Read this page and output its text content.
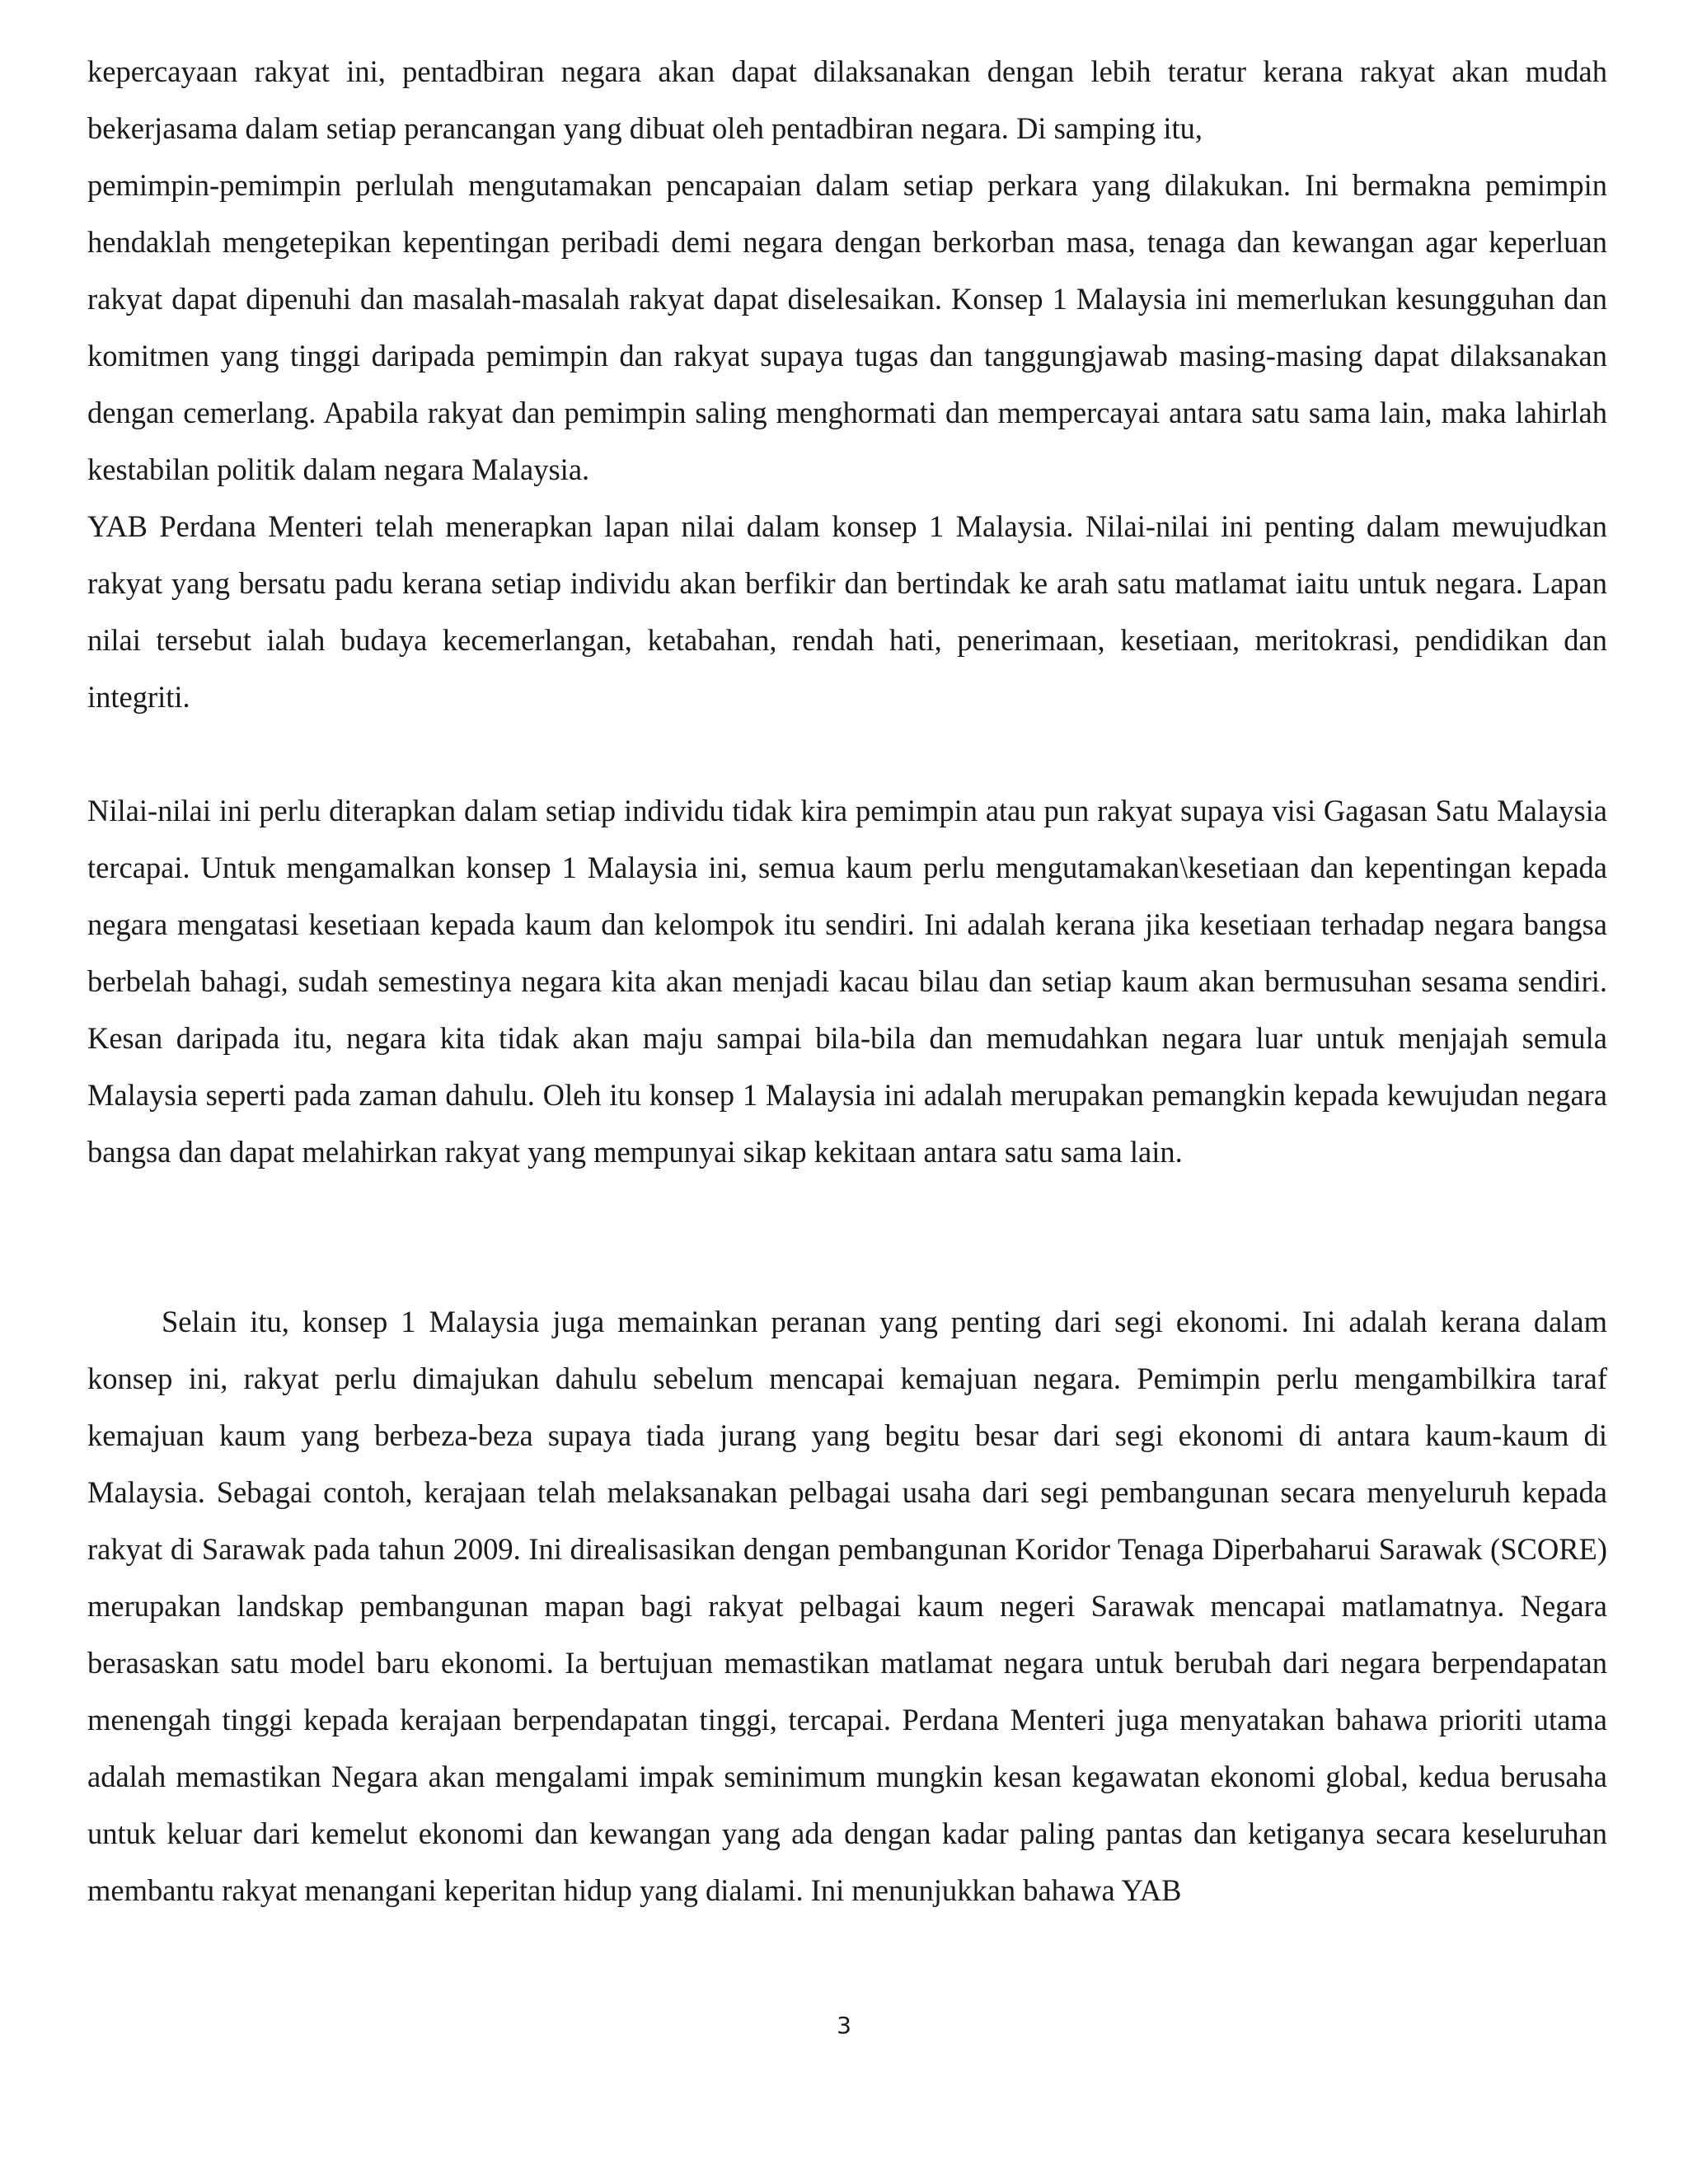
kepercayaan rakyat ini, pentadbiran negara akan dapat dilaksanakan dengan lebih teratur kerana rakyat akan mudah bekerjasama dalam setiap perancangan yang dibuat oleh pentadbiran negara. Di samping itu,

pemimpin-pemimpin perlulah mengutamakan pencapaian dalam setiap perkara yang dilakukan. Ini bermakna pemimpin hendaklah mengetepikan kepentingan peribadi demi negara dengan berkorban masa, tenaga dan kewangan agar keperluan rakyat dapat dipenuhi dan masalah-masalah rakyat dapat diselesaikan. Konsep 1 Malaysia ini memerlukan kesungguhan dan komitmen yang tinggi daripada pemimpin dan rakyat supaya tugas dan tanggungjawab masing-masing dapat dilaksanakan dengan cemerlang. Apabila rakyat dan pemimpin saling menghormati dan mempercayai antara satu sama lain, maka lahirlah kestabilan politik dalam negara Malaysia.

YAB Perdana Menteri telah menerapkan lapan nilai dalam konsep 1 Malaysia. Nilai-nilai ini penting dalam mewujudkan rakyat yang bersatu padu kerana setiap individu akan berfikir dan bertindak ke arah satu matlamat iaitu untuk negara. Lapan nilai tersebut ialah budaya kecemerlangan, ketabahan, rendah hati, penerimaan, kesetiaan, meritokrasi, pendidikan dan integriti.

Nilai-nilai ini perlu diterapkan dalam setiap individu tidak kira pemimpin atau pun rakyat supaya visi Gagasan Satu Malaysia tercapai. Untuk mengamalkan konsep 1 Malaysia ini, semua kaum perlu mengutamakan\kesetiaan dan kepentingan kepada negara mengatasi kesetiaan kepada kaum dan kelompok itu sendiri. Ini adalah kerana jika kesetiaan terhadap negara bangsa berbelah bahagi, sudah semestinya negara kita akan menjadi kacau bilau dan setiap kaum akan bermusuhan sesama sendiri. Kesan daripada itu, negara kita tidak akan maju sampai bila-bila dan memudahkan negara luar untuk menjajah semula Malaysia seperti pada zaman dahulu. Oleh itu konsep 1 Malaysia ini adalah merupakan pemangkin kepada kewujudan negara bangsa dan dapat melahirkan rakyat yang mempunyai sikap kekitaan antara satu sama lain.

Selain itu, konsep 1 Malaysia juga memainkan peranan yang penting dari segi ekonomi. Ini adalah kerana dalam konsep ini, rakyat perlu dimajukan dahulu sebelum mencapai kemajuan negara. Pemimpin perlu mengambilkira taraf kemajuan kaum yang berbeza-beza supaya tiada jurang yang begitu besar dari segi ekonomi di antara kaum-kaum di Malaysia. Sebagai contoh, kerajaan telah melaksanakan pelbagai usaha dari segi pembangunan secara menyeluruh kepada rakyat di Sarawak pada tahun 2009. Ini direalisasikan dengan pembangunan Koridor Tenaga Diperbaharui Sarawak (SCORE) merupakan landskap pembangunan mapan bagi rakyat pelbagai kaum negeri Sarawak mencapai matlamatnya. Negara berasaskan satu model baru ekonomi. Ia bertujuan memastikan matlamat negara untuk berubah dari negara berpendapatan menengah tinggi kepada kerajaan berpendapatan tinggi, tercapai. Perdana Menteri juga menyatakan bahawa prioriti utama adalah memastikan Negara akan mengalami impak seminimum mungkin kesan kegawatan ekonomi global, kedua berusaha untuk keluar dari kemelut ekonomi dan kewangan yang ada dengan kadar paling pantas dan ketiganya secara keseluruhan membantu rakyat menangani keperitan hidup yang dialami. Ini menunjukkan bahawa YAB

3
